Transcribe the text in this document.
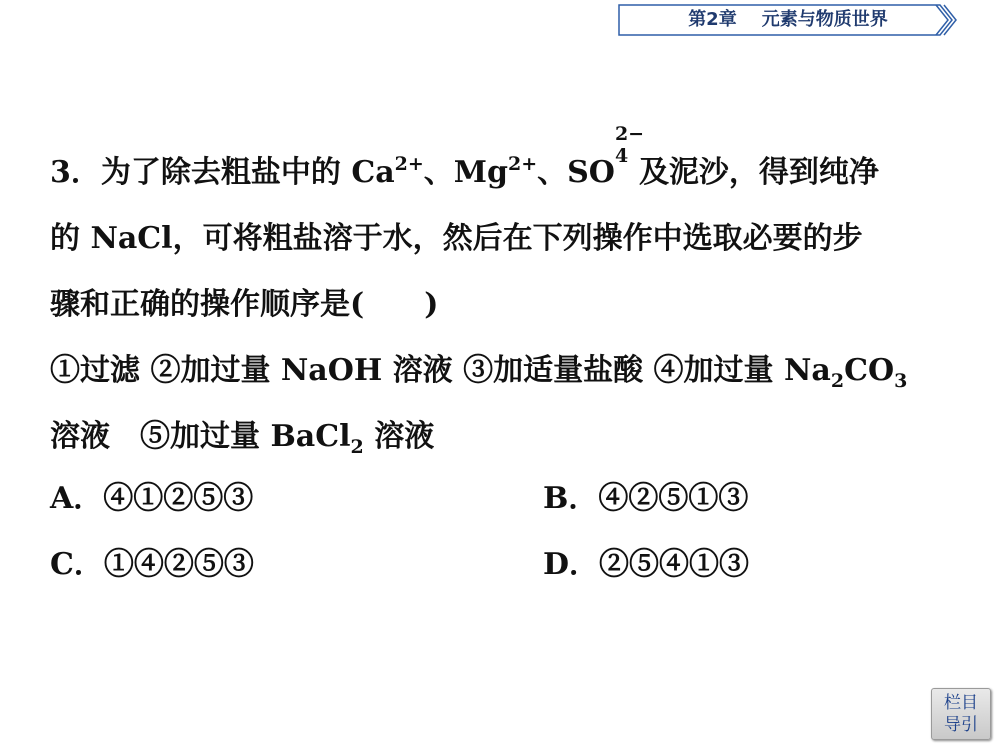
第2章 元素与物质世界
3．为了除去粗盐中的 $Ca^{2+}$、$Mg^{2+}$、SO
2−
4 及泥沙，得到纯净
的 NaCl，可将粗盐溶于水，然后在下列操作中选取必要的步
骤和正确的操作顺序是(　　)
①过滤 ②加过量 NaOH 溶液 ③加适量盐酸 ④加过量 $Na_2CO_3$
溶液　⑤加过量 BaCl$_2$ 溶液
A．④①②⑤③	B．④②⑤①③
C．①④②⑤③	D．②⑤④①③
栏目
导引
